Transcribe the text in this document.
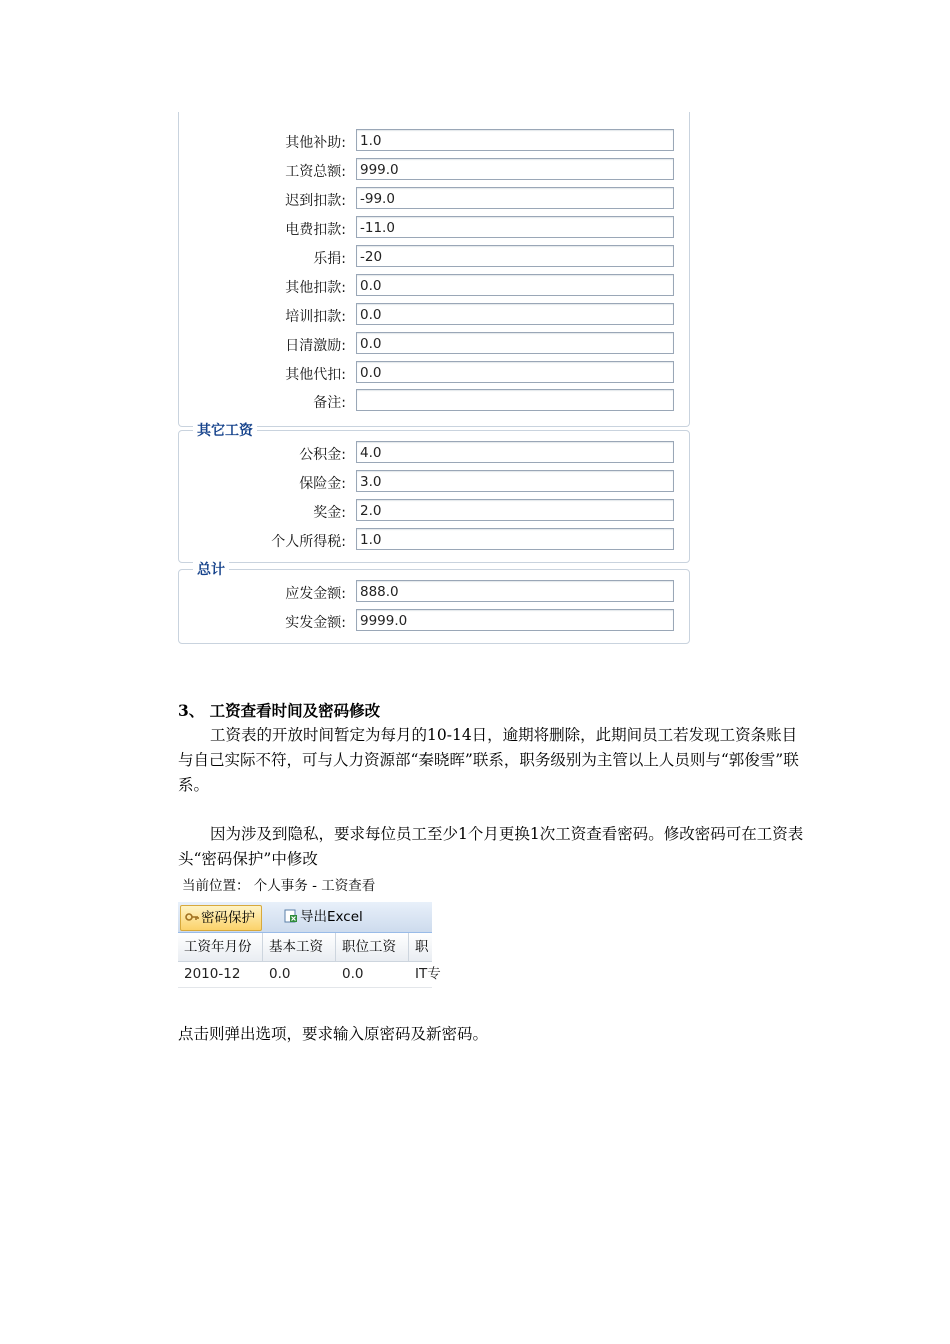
其它工资
总计
其他补助: 1.0
工资总额: 999.0
迟到扣款: -99.0
电费扣款: -11.0
乐捐: -20
其他扣款: 0.0
培训扣款: 0.0
日清激励: 0.0
其他代扣: 0.0
备注:
公积金: 4.0
保险金: 3.0
奖金: 2.0
个人所得税: 1.0
应发金额: 888.0
实发金额: 9999.0
3、 工资查看时间及密码修改
工资表的开放时间暂定为每月的10-14日，逾期将删除，此期间员工若发现工资条账目与自己实际不符，可与人力资源部“秦晓晖”联系，职务级别为主管以上人员则与“郭俊雪”联系。
因为涉及到隐私，要求每位员工至少1个月更换1次工资查看密码。修改密码可在工资表头“密码保护”中修改
当前位置： 个人事务 - 工资查看
密码保护	导出Excel
工资年月份	基本工资	职位工资	职
2010-12	0.0	0.0	IT专
点击则弹出选项，要求输入原密码及新密码。
